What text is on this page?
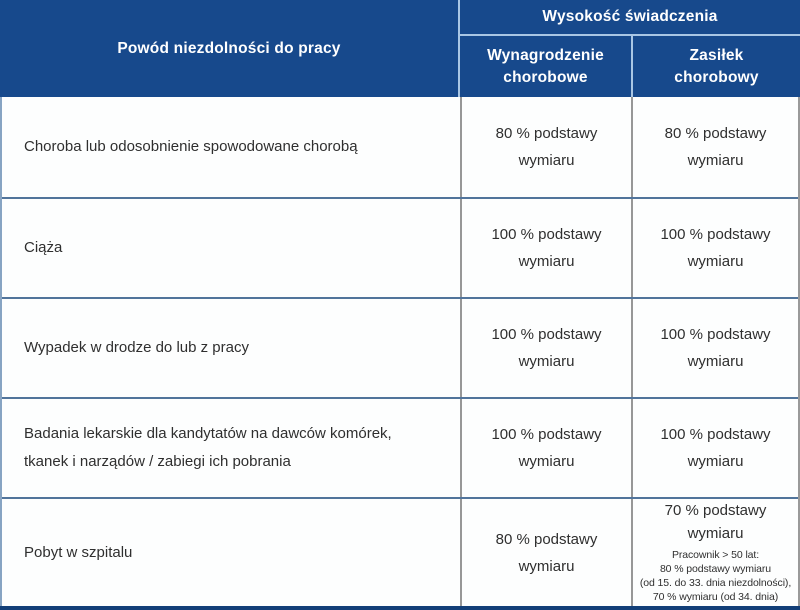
Powód niezdolności do pracy
Wysokość świadczenia
Wynagrodzenie chorobowe
Zasiłek chorobowy
Choroba lub odosobnienie spowodowane chorobą
80 % podstawy wymiaru
80 % podstawy wymiaru
Ciąża
100 % podstawy wymiaru
100 % podstawy wymiaru
Wypadek w drodze do lub z pracy
100 % podstawy wymiaru
100 % podstawy wymiaru
Badania lekarskie dla kandytatów na dawców komórek, tkanek i narządów / zabiegi ich pobrania
100 % podstawy wymiaru
100 % podstawy wymiaru
Pobyt w szpitalu
80 % podstawy wymiaru
70 % podstawy wymiaru
Pracownik > 50 lat:
80 % podstawy wymiaru
(od 15. do 33. dnia niezdolności),
70 % wymiaru (od 34. dnia)
